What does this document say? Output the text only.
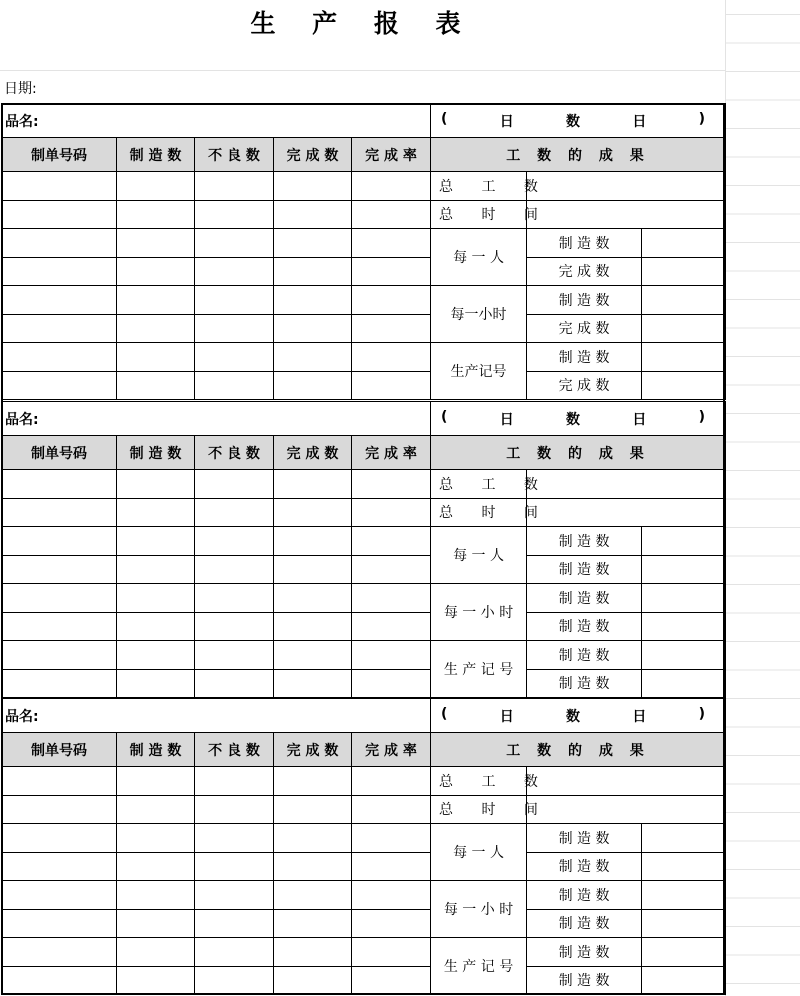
生 产 报 表
日期:
品名:					( 日 数 日 )		

制单号码	制 造 数	不 良 数	完 成 数	完 成 率	工 数 的 成 果		
					总 工 数		
					总 时 间		
					每 一 人	制 造 数	
						完 成 数	
					每一小时	制 造 数	
						完 成 数	
					生产记号	制 造 数	
						完 成 数	
品名:					( 日 数 日 )		

制单号码	制 造 数	不 良 数	完 成 数	完 成 率	工 数 的 成 果		
					总 工 数		
					总 时 间		
					每 一 人	制 造 数	
						制 造 数	
					每 一 小 时	制 造 数	
						制 造 数	
					生 产 记 号	制 造 数	
						制 造 数	
品名:					( 日 数 日 )		

制单号码	制 造 数	不 良 数	完 成 数	完 成 率	工 数 的 成 果		
					总 工 数		
					总 时 间		
					每 一 人	制 造 数	
						制 造 数	
					每 一 小 时	制 造 数	
						制 造 数	
					生 产 记 号	制 造 数	
						制 造 数	
